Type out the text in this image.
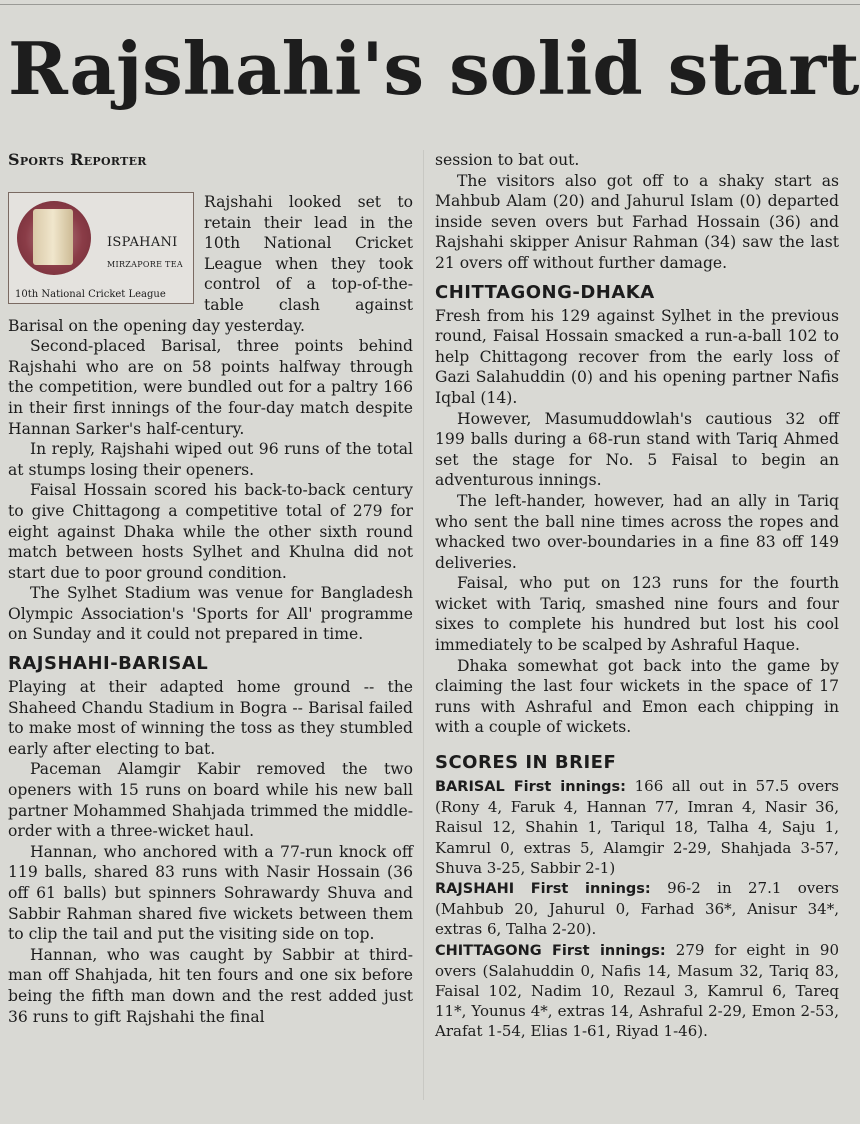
Rajshahi's solid start
Sports Reporter
ISPAHANI
MIRZAPORE TEA
10th National Cricket League

Rajshahi looked set to retain their lead in the 10th National Cricket League when they took control of a top-of-the-table clash against Barisal on the opening day yesterday.

Second-placed Barisal, three points behind Rajshahi who are on 58 points halfway through the competition, were bundled out for a paltry 166 in their first innings of the four-day match despite Hannan Sarker's half-century.

In reply, Rajshahi wiped out 96 runs of the total at stumps losing their openers.

Faisal Hossain scored his back-to-back century to give Chittagong a competitive total of 279 for eight against Dhaka while the other sixth round match between hosts Sylhet and Khulna did not start due to poor ground condition.

The Sylhet Stadium was venue for Bangladesh Olympic Association's 'Sports for All' programme on Sunday and it could not prepared in time.

RAJSHAHI-BARISAL

Playing at their adapted home ground -- the Shaheed Chandu Stadium in Bogra -- Barisal failed to make most of winning the toss as they stumbled early after electing to bat.

Paceman Alamgir Kabir removed the two openers with 15 runs on board while his new ball partner Mohammed Shahjada trimmed the middle-order with a three-wicket haul.

Hannan, who anchored with a 77-run knock off 119 balls, shared 83 runs with Nasir Hossain (36 off 61 balls) but spinners Sohrawardy Shuva and Sabbir Rahman shared five wickets between them to clip the tail and put the visiting side on top.

Hannan, who was caught by Sabbir at third-man off Shahjada, hit ten fours and one six before being the fifth man down and the rest added just 36 runs to gift Rajshahi the final

session to bat out.

The visitors also got off to a shaky start as Mahbub Alam (20) and Jahurul Islam (0) departed inside seven overs but Farhad Hossain (36) and Rajshahi skipper Anisur Rahman (34) saw the last 21 overs off without further damage.

CHITTAGONG-DHAKA

Fresh from his 129 against Sylhet in the previous round, Faisal Hossain smacked a run-a-ball 102 to help Chittagong recover from the early loss of Gazi Salahuddin (0) and his opening partner Nafis Iqbal (14).

However, Masumuddowlah's cautious 32 off 199 balls during a 68-run stand with Tariq Ahmed set the stage for No. 5 Faisal to begin an adventurous innings.

The left-hander, however, had an ally in Tariq who sent the ball nine times across the ropes and whacked two over-boundaries in a fine 83 off 149 deliveries.

Faisal, who put on 123 runs for the fourth wicket with Tariq, smashed nine fours and four sixes to complete his hundred but lost his cool immediately to be scalped by Ashraful Haque.

Dhaka somewhat got back into the game by claiming the last four wickets in the space of 17 runs with Ashraful and Emon each chipping in with a couple of wickets.

SCORES IN BRIEF

BARISAL First innings: 166 all out in 57.5 overs (Rony 4, Faruk 4, Hannan 77, Imran 4, Nasir 36, Raisul 12, Shahin 1, Tariqul 18, Talha 4, Saju 1, Kamrul 0, extras 5, Alamgir 2-29, Shahjada 3-57, Shuva 3-25, Sabbir 2-1)

RAJSHAHI First innings: 96-2 in 27.1 overs (Mahbub 20, Jahurul 0, Farhad 36*, Anisur 34*, extras 6, Talha 2-20).

CHITTAGONG First innings: 279 for eight in 90 overs (Salahuddin 0, Nafis 14, Masum 32, Tariq 83, Faisal 102, Nadim 10, Rezaul 3, Kamrul 6, Tareq 11*, Younus 4*, extras 14, Ashraful 2-29, Emon 2-53, Arafat 1-54, Elias 1-61, Riyad 1-46).
